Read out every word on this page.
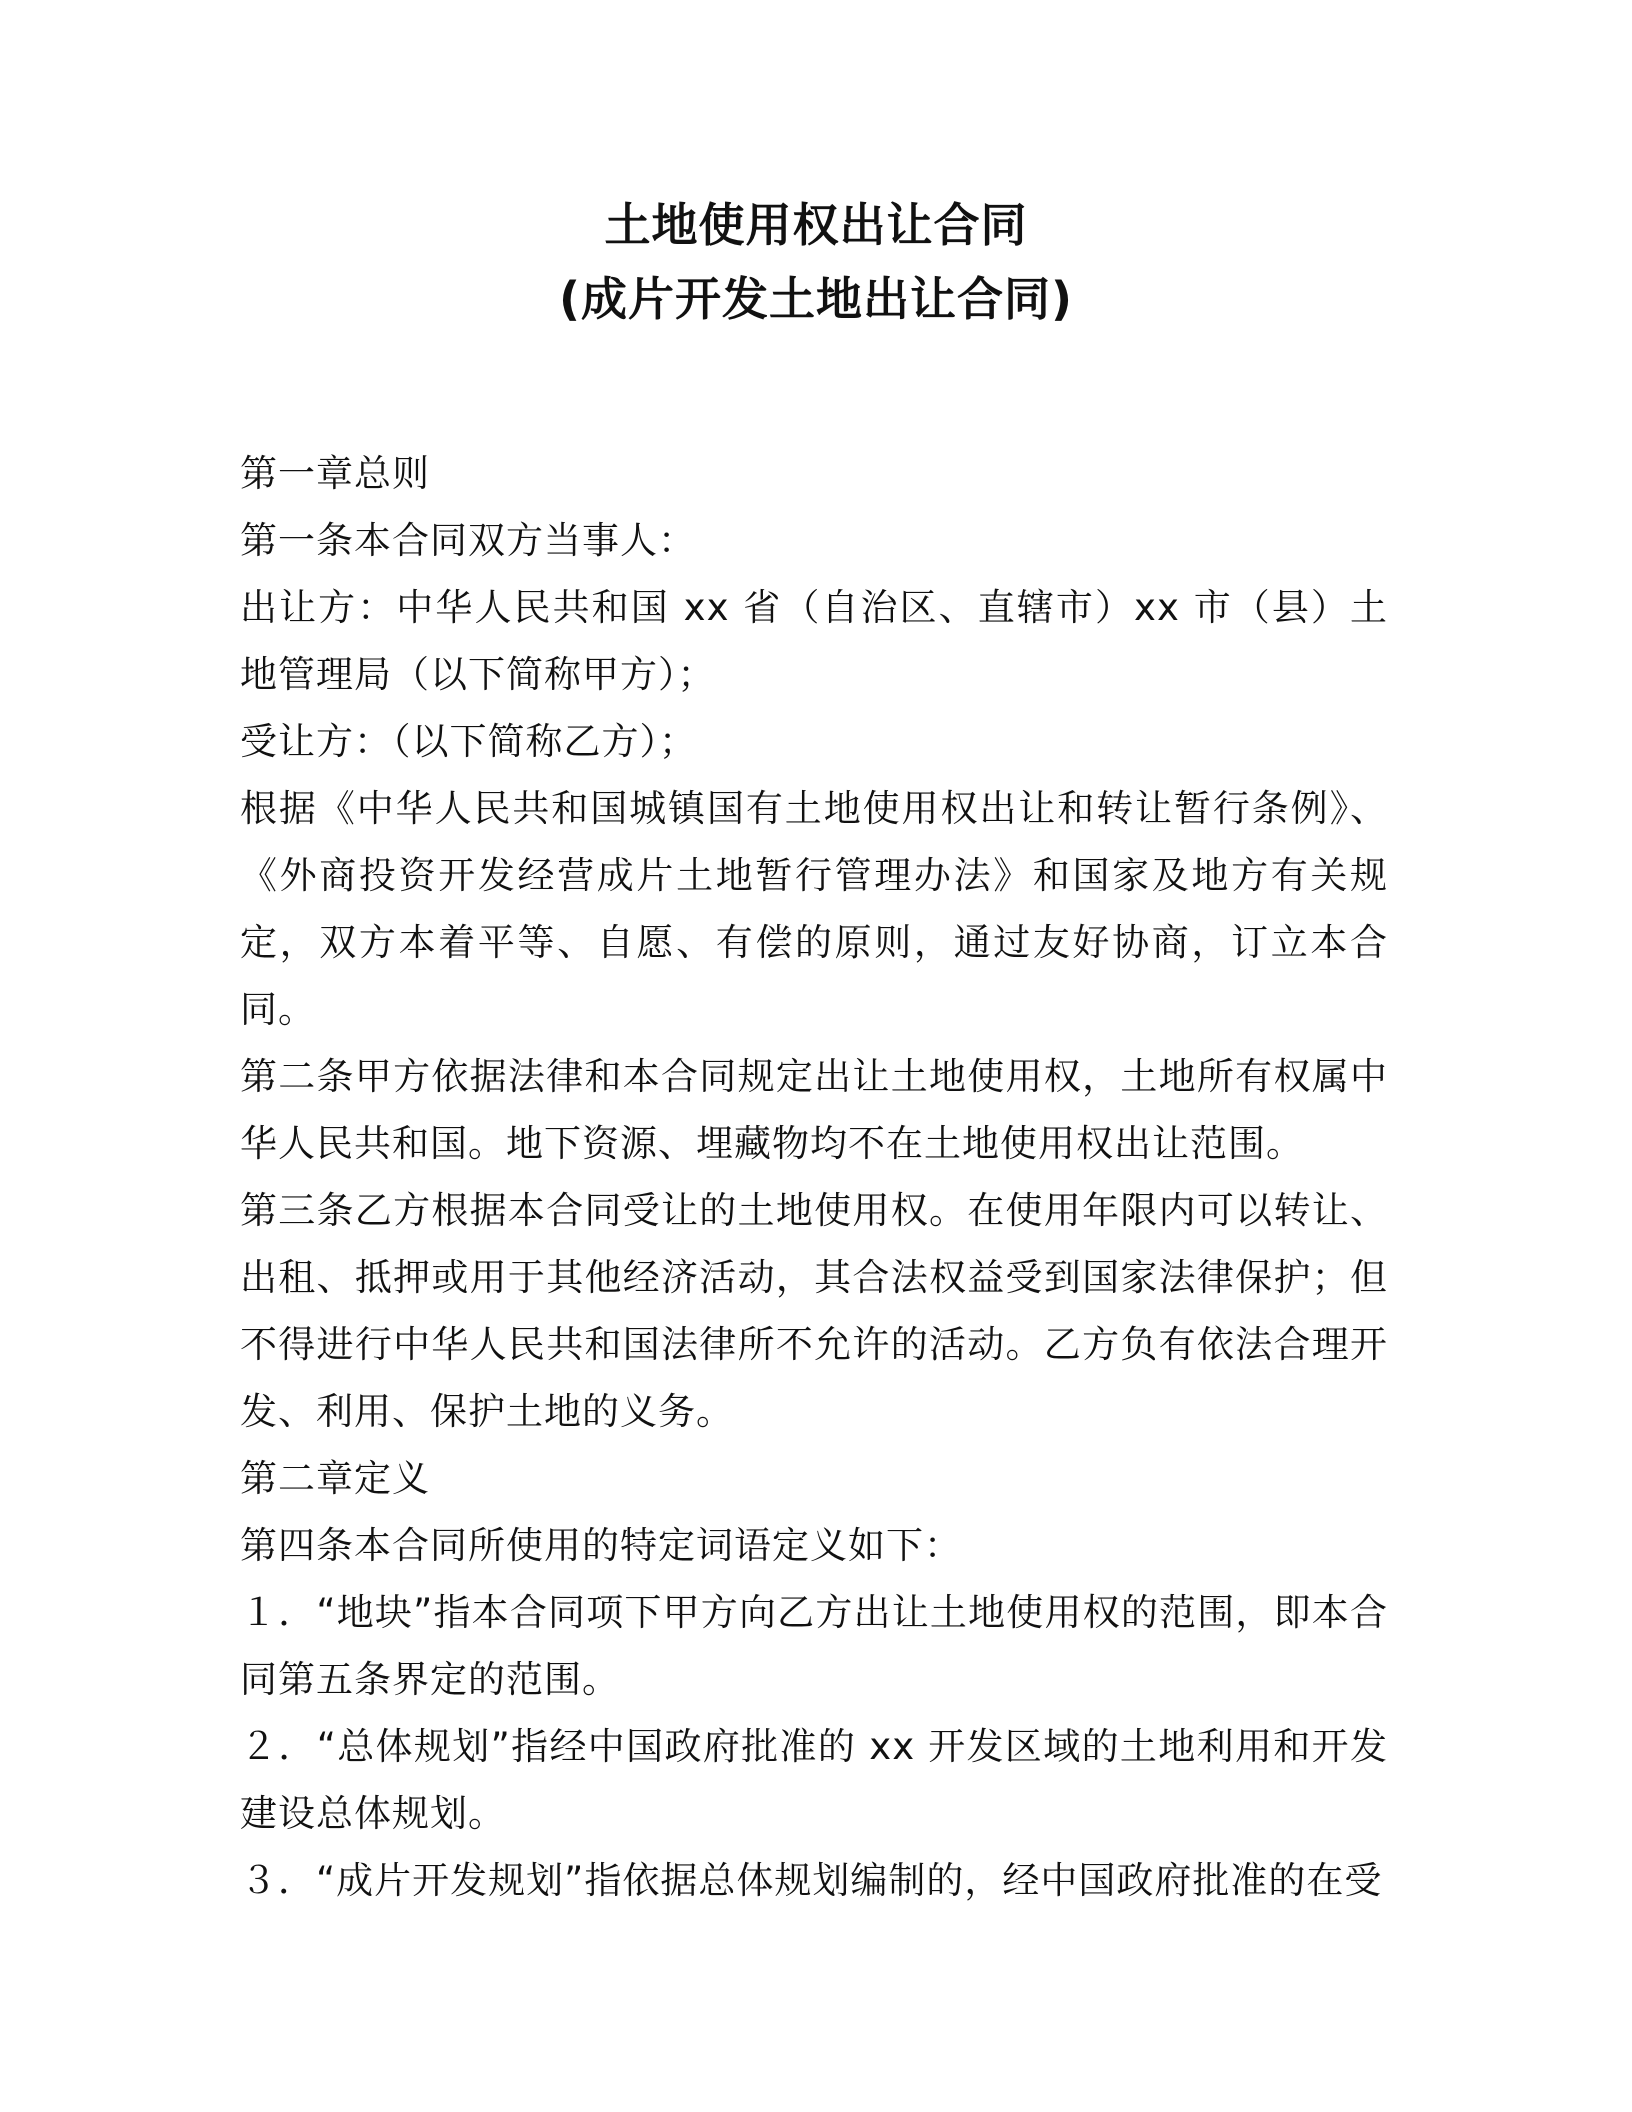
土地使用权出让合同
(成片开发土地出让合同)

第一章总则

第一条本合同双方当事人：

出让方：中华人民共和国 xx 省（自治区、直辖市）xx 市（县）土地管理局（以下简称甲方）；

受让方：（以下简称乙方）；

根据《中华人民共和国城镇国有土地使用权出让和转让暂行条例》、《外商投资开发经营成片土地暂行管理办法》和国家及地方有关规定，双方本着平等、自愿、有偿的原则，通过友好协商，订立本合同。

第二条甲方依据法律和本合同规定出让土地使用权，土地所有权属中华人民共和国。地下资源、埋藏物均不在土地使用权出让范围。

第三条乙方根据本合同受让的土地使用权。在使用年限内可以转让、出租、抵押或用于其他经济活动，其合法权益受到国家法律保护；但不得进行中华人民共和国法律所不允许的活动。乙方负有依法合理开发、利用、保护土地的义务。

第二章定义

第四条本合同所使用的特定词语定义如下：

１．“地块”指本合同项下甲方向乙方出让土地使用权的范围，即本合同第五条界定的范围。

２．“总体规划”指经中国政府批准的 xx 开发区域的土地利用和开发建设总体规划。

３．“成片开发规划”指依据总体规划编制的，经中国政府批准的在受
